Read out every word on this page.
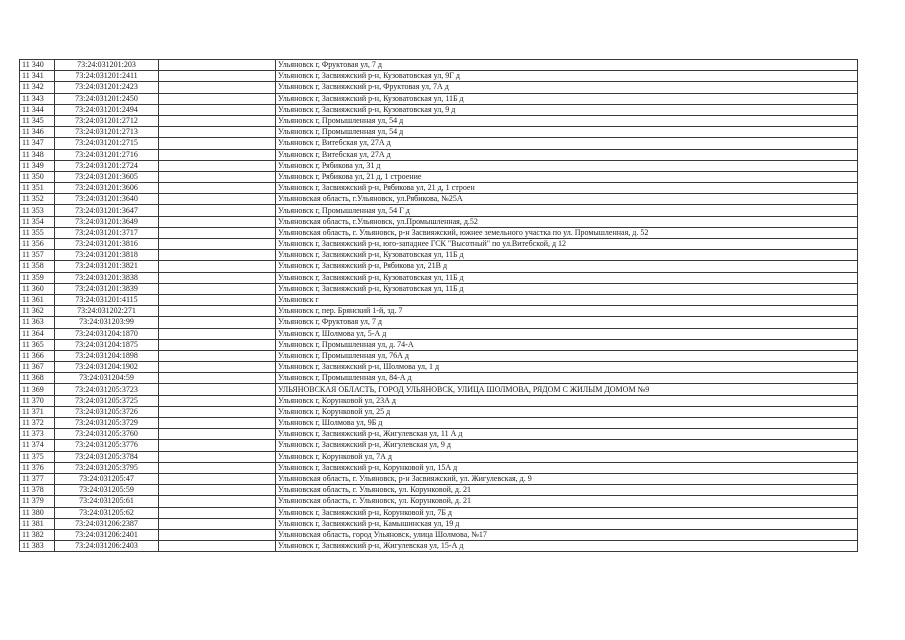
11 340	73:24:031201:203		Ульяновск г, Фруктовая ул, 7 д
11 341	73:24:031201:2411		Ульяновск г, Засвияжский р-н, Кузоватовская ул, 9Г д
11 342	73:24:031201:2423		Ульяновск г, Засвияжский р-н, Фруктовая ул, 7А д
11 343	73:24:031201:2450		Ульяновск г, Засвияжский р-н, Кузоватовская ул, 11Б д
11 344	73:24:031201:2494		Ульяновск г, Засвияжский р-н, Кузоватовская ул, 9 д
11 345	73:24:031201:2712		Ульяновск г, Промышленная ул, 54 д
11 346	73:24:031201:2713		Ульяновск г, Промышленная ул, 54 д
11 347	73:24:031201:2715		Ульяновск г, Витебская ул, 27А д
11 348	73:24:031201:2716		Ульяновск г, Витебская ул, 27А д
11 349	73:24:031201:2724		Ульяновск г, Рябикова ул, 31 д
11 350	73:24:031201:3605		Ульяновск г, Рябикова ул, 21 д, 1 строение
11 351	73:24:031201:3606		Ульяновск г, Засвияжский р-н, Рябикова ул, 21 д, 1 строен
11 352	73:24:031201:3640		Ульяновская область, г.Ульяновск, ул.Рябикова, №25А
11 353	73:24:031201:3647		Ульяновск г, Промышленная ул, 54 Г д
11 354	73:24:031201:3649		Ульяновская область, г.Ульяновск, ул.Промышленная, д.52
11 355	73:24:031201:3717		Ульяновская область, г. Ульяновск, р-н Засвияжский, южнее земельного участка по ул. Промышленная, д. 52
11 356	73:24:031201:3816		Ульяновск г, Засвияжский р-н, юго-западнее ГСК "Высотный" по ул.Витебской, д 12
11 357	73:24:031201:3818		Ульяновск г, Засвияжский р-н, Кузоватовская ул, 11Б д
11 358	73:24:031201:3821		Ульяновск г, Засвияжский р-н, Рябикова ул, 21В д
11 359	73:24:031201:3838		Ульяновск г, Засвияжский р-н, Кузоватовская ул, 11Б д
11 360	73:24:031201:3839		Ульяновск г, Засвияжский р-н, Кузоватовская ул, 11Б д
11 361	73:24:031201:4115		Ульяновск г
11 362	73:24:031202:271		Ульяновск г, пер. Брянский 1-й, зд. 7
11 363	73:24:031203:99		Ульяновск г, Фруктовая ул, 7 д
11 364	73:24:031204:1870		Ульяновск г, Шолмова ул, 5-А д
11 365	73:24:031204:1875		Ульяновск г, Промышленная ул, д. 74-А
11 366	73:24:031204:1898		Ульяновск г, Промышленная ул, 76А д
11 367	73:24:031204:1902		Ульяновск г, Засвияжский р-н, Шолмова ул, 1 д
11 368	73:24:031204:59		Ульяновск г, Промышленная ул, 84-А д
11 369	73:24:031205:3723		УЛЬЯНОВСКАЯ ОБЛАСТЬ, ГОРОД УЛЬЯНОВСК, УЛИЦА ШОЛМОВА, РЯДОМ С ЖИЛЫМ ДОМОМ №9
11 370	73:24:031205:3725		Ульяновск г, Корунковой ул, 23А д
11 371	73:24:031205:3726		Ульяновск г, Корунковой ул, 25 д
11 372	73:24:031205:3729		Ульяновск г, Шолмова ул, 9Б д
11 373	73:24:031205:3760		Ульяновск г, Засвияжский р-н, Жигулевская ул, 11 А д
11 374	73:24:031205:3776		Ульяновск г, Засвияжский р-н, Жигулевская ул, 9 д
11 375	73:24:031205:3784		Ульяновск г, Корунковой ул, 7А д
11 376	73:24:031205:3795		Ульяновск г, Засвияжский р-н, Корунковой ул, 15А д
11 377	73:24:031205:47		Ульяновская область, г. Ульяновск, р-н Засвияжский, ул. Жигулевская, д. 9
11 378	73:24:031205:59		Ульяновская область, г. Ульяновск, ул. Корунковой, д. 21
11 379	73:24:031205:61		Ульяновская область, г. Ульяновск, ул. Корунковой, д. 21
11 380	73:24:031205:62		Ульяновск г, Засвияжский р-н, Корунковой ул, 7Б д
11 381	73:24:031206:2387		Ульяновск г, Засвияжский р-н, Камышинская ул, 19 д
11 382	73:24:031206:2401		Ульяновская область, город Ульяновск, улица Шолмова, №17
11 383	73:24:031206:2403		Ульяновск г, Засвияжский р-н, Жигулевская ул, 15-А д
